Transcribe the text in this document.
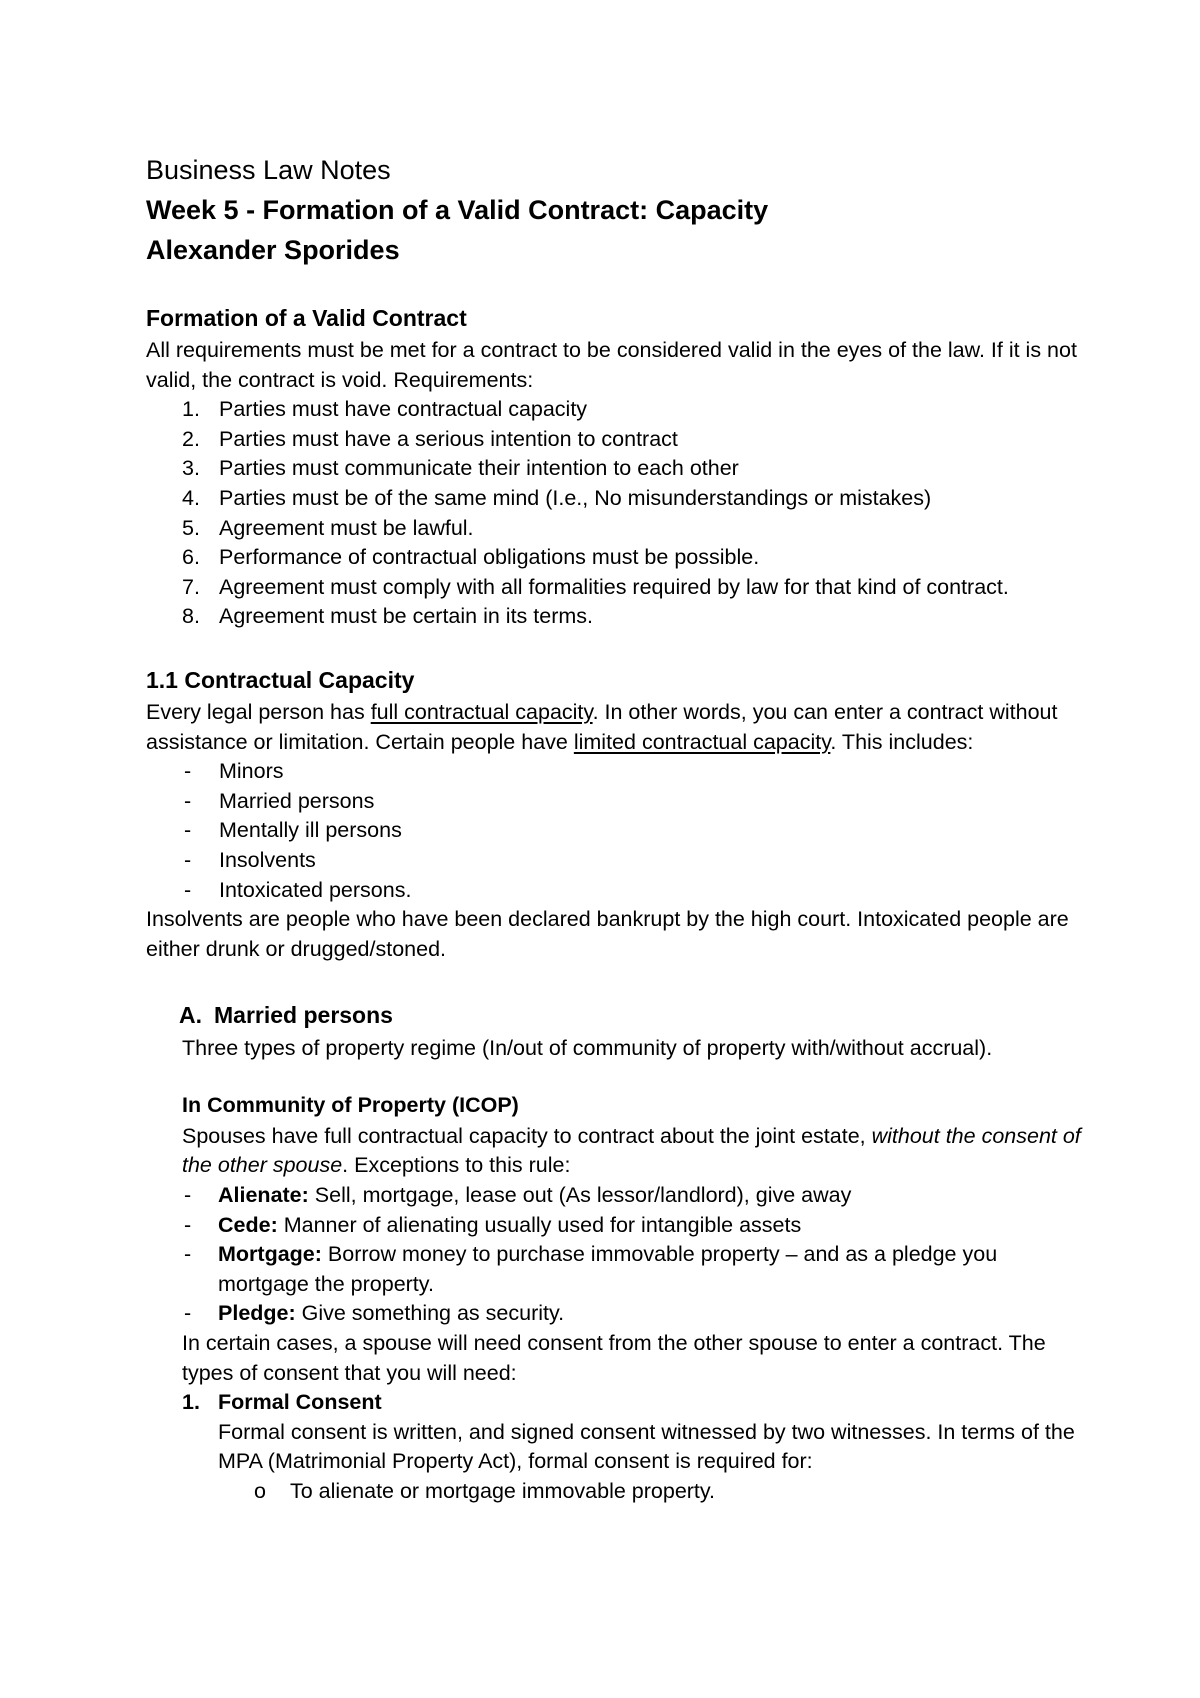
Business Law Notes

Week 5 - Formation of a Valid Contract: Capacity

Alexander Sporides

Formation of a Valid Contract

All requirements must be met for a contract to be considered valid in the eyes of the law. If it is not valid, the contract is void. Requirements:

1. Parties must have contractual capacity
2. Parties must have a serious intention to contract
3. Parties must communicate their intention to each other
4. Parties must be of the same mind (I.e., No misunderstandings or mistakes)
5. Agreement must be lawful.
6. Performance of contractual obligations must be possible.
7. Agreement must comply with all formalities required by law for that kind of contract.
8. Agreement must be certain in its terms.
1.1 Contractual Capacity

Every legal person has full contractual capacity. In other words, you can enter a contract without assistance or limitation. Certain people have limited contractual capacity. This includes:

- Minors
- Married persons
- Mentally ill persons
- Insolvents
- Intoxicated persons.

Insolvents are people who have been declared bankrupt by the high court. Intoxicated people are either drunk or drugged/stoned.

A. Married persons

Three types of property regime (In/out of community of property with/without accrual).

In Community of Property (ICOP)

Spouses have full contractual capacity to contract about the joint estate, without the consent of the other spouse. Exceptions to this rule:

- Alienate: Sell, mortgage, lease out (As lessor/landlord), give away
- Cede: Manner of alienating usually used for intangible assets
- Mortgage: Borrow money to purchase immovable property – and as a pledge you mortgage the property.
- Pledge: Give something as security.

In certain cases, a spouse will need consent from the other spouse to enter a contract. The types of consent that you will need:

1. Formal Consent

Formal consent is written, and signed consent witnessed by two witnesses. In terms of the MPA (Matrimonial Property Act), formal consent is required for:

o To alienate or mortgage immovable property.
